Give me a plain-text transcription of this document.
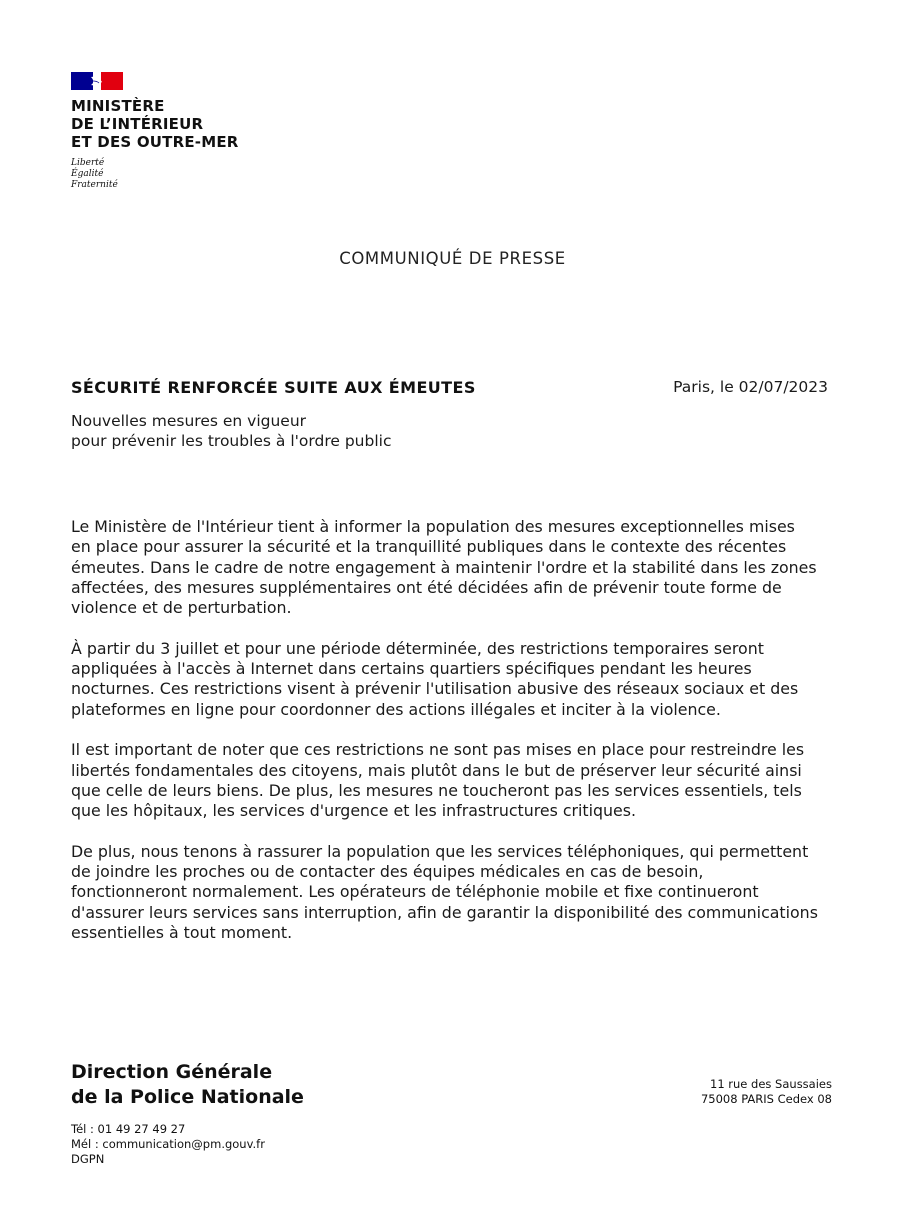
MINISTÈRE
DE L’INTÉRIEUR
ET DES OUTRE-MER
Liberté
Égalité
Fraternité
COMMUNIQUÉ DE PRESSE
SÉCURITÉ RENFORCÉE SUITE AUX ÉMEUTES	Paris, le 02/07/2023
Nouvelles mesures en vigueur
pour prévenir les troubles à l'ordre public

Le Ministère de l'Intérieur tient à informer la population des mesures exceptionnelles mises
en place pour assurer la sécurité et la tranquillité publiques dans le contexte des récentes
émeutes. Dans le cadre de notre engagement à maintenir l'ordre et la stabilité dans les zones
affectées, des mesures supplémentaires ont été décidées afin de prévenir toute forme de
violence et de perturbation.

À partir du 3 juillet et pour une période déterminée, des restrictions temporaires seront
appliquées à l'accès à Internet dans certains quartiers spécifiques pendant les heures
nocturnes. Ces restrictions visent à prévenir l'utilisation abusive des réseaux sociaux et des
plateformes en ligne pour coordonner des actions illégales et inciter à la violence.

Il est important de noter que ces restrictions ne sont pas mises en place pour restreindre les
libertés fondamentales des citoyens, mais plutôt dans le but de préserver leur sécurité ainsi
que celle de leurs biens. De plus, les mesures ne toucheront pas les services essentiels, tels
que les hôpitaux, les services d'urgence et les infrastructures critiques.

De plus, nous tenons à rassurer la population que les services téléphoniques, qui permettent
de joindre les proches ou de contacter des équipes médicales en cas de besoin,
fonctionneront normalement. Les opérateurs de téléphonie mobile et fixe continueront
d'assurer leurs services sans interruption, afin de garantir la disponibilité des communications
essentielles à tout moment.

Direction Générale
de la Police Nationale
11 rue des Saussaies
75008 PARIS Cedex 08
Tél : 01 49 27 49 27
Mél : communication@pm.gouv.fr
DGPN
